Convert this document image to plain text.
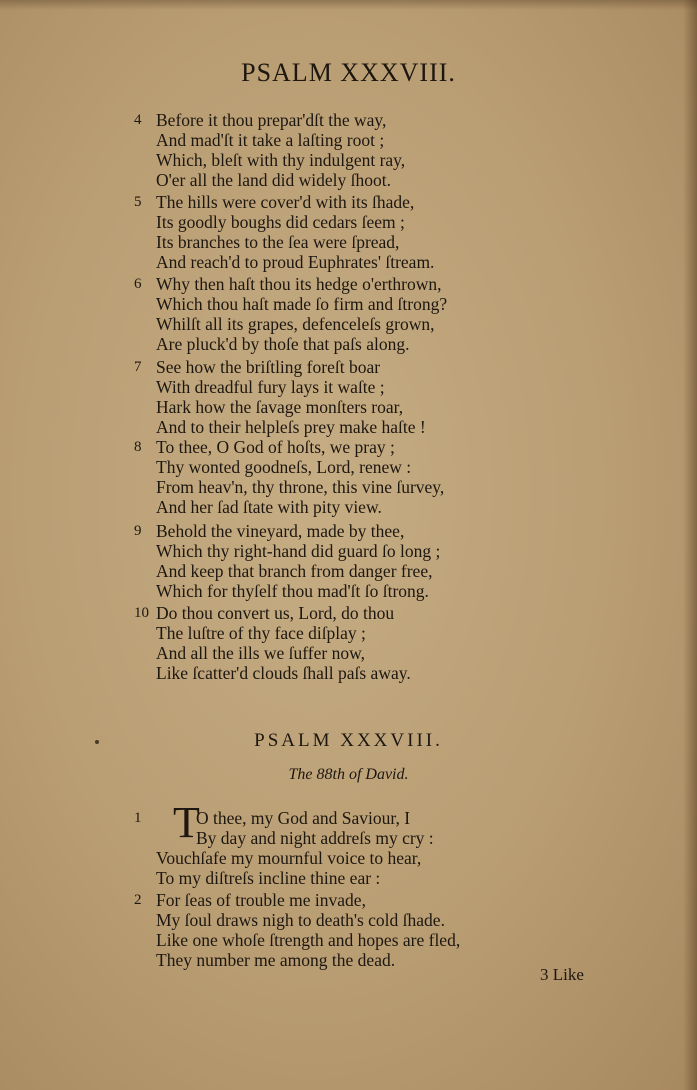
PSALM XXXVIII.
4 Before it thou prepar'dſt the way,
And mad'ſt it take a laſting root ;
Which, bleſt with thy indulgent ray,
O'er all the land did widely ſhoot.
5 The hills were cover'd with its ſhade,
Its goodly boughs did cedars ſeem ;
Its branches to the ſea were ſpread,
And reach'd to proud Euphrates' ſtream.
6 Why then haſt thou its hedge o'erthrown,
Which thou haſt made ſo firm and ſtrong?
Whilſt all its grapes, defenceleſs grown,
Are pluck'd by thoſe that paſs along.
7 See how the briſtling foreſt boar
With dreadful fury lays it waſte ;
Hark how the ſavage monſters roar,
And to their helpleſs prey make haſte !
8 To thee, O God of hoſts, we pray ;
Thy wonted goodneſs, Lord, renew :
From heav'n, thy throne, this vine ſurvey,
And her ſad ſtate with pity view.
9 Behold the vineyard, made by thee,
Which thy right-hand did guard ſo long ;
And keep that branch from danger free,
Which for thyſelf thou mad'ſt ſo ſtrong.
10 Do thou convert us, Lord, do thou
The luſtre of thy face diſplay ;
And all the ills we ſuffer now,
Like ſcatter'd clouds ſhall paſs away.
PSALM XXXVIII.
The 88th of David.
1	O thee, my God and Saviour, I
By day and night addreſs my cry :
Vouchſafe my mournful voice to hear,
To my diſtreſs incline thine ear :
T
2 For ſeas of trouble me invade,
My ſoul draws nigh to death's cold ſhade.
Like one whoſe ſtrength and hopes are fled,
They number me among the dead.
3 Like
